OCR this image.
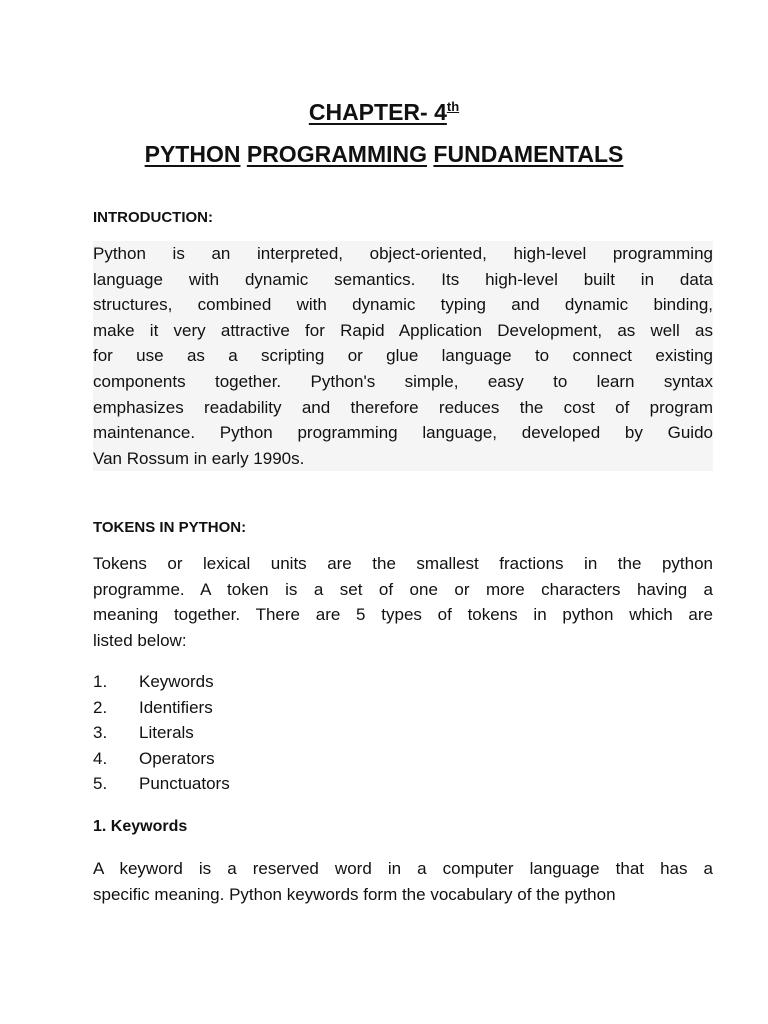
CHAPTER- 4th
PYTHON PROGRAMMING FUNDAMENTALS

INTRODUCTION:

Python is an interpreted, object-oriented, high-level programming
language with dynamic semantics. Its high-level built in data
structures, combined with dynamic typing and dynamic binding,
make it very attractive for Rapid Application Development, as well as
for use as a scripting or glue language to connect existing
components together. Python's simple, easy to learn syntax
emphasizes readability and therefore reduces the cost of program
maintenance. Python programming language, developed by Guido
Van Rossum in early 1990s.

TOKENS IN PYTHON:

Tokens or lexical units are the smallest fractions in the python
programme. A token is a set of one or more characters having a
meaning together. There are 5 types of tokens in python which are
listed below:
1.	Keywords
2.	Identifiers
3.	Literals
4.	Operators
5.	Punctuators

1. Keywords

A keyword is a reserved word in a computer language that has a
specific meaning. Python keywords form the vocabulary of the python
